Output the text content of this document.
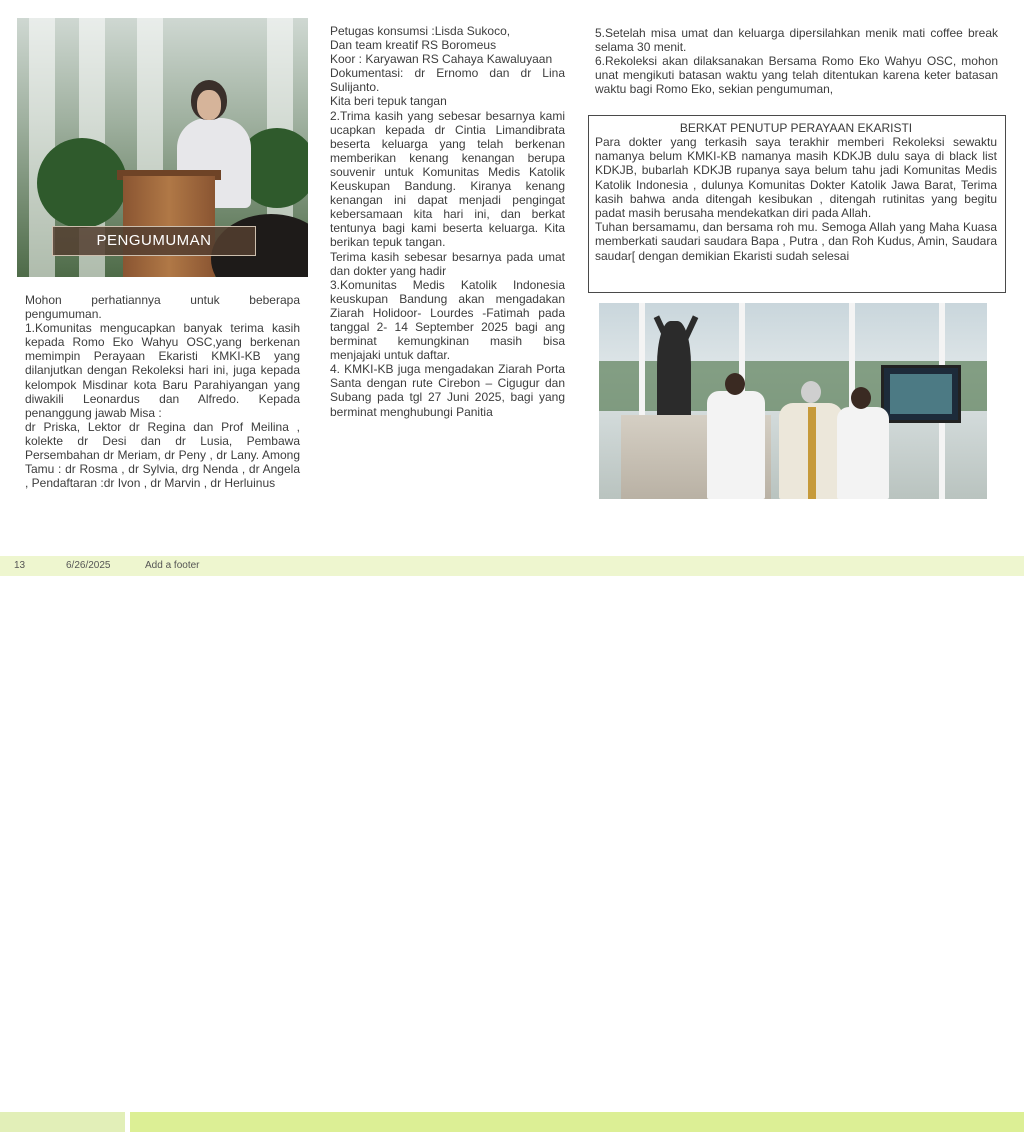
PENGUMUMAN

Mohon perhatiannya untuk beberapa pengumuman.

1.Komunitas mengucapkan banyak terima kasih kepada Romo Eko Wahyu OSC,yang berkenan memimpin Perayaan Ekaristi KMKI-KB yang dilanjutkan dengan Rekoleksi hari ini, juga kepada kelompok Misdinar kota Baru Parahiyangan yang diwakili Leonardus dan Alfredo. Kepada penanggung jawab Misa :

dr Priska, Lektor dr Regina dan Prof Meilina , kolekte dr Desi dan dr Lusia, Pembawa Persembahan dr Meriam, dr Peny , dr Lany. Among Tamu : dr Rosma , dr Sylvia, drg Nenda , dr Angela , Pendaftaran :dr Ivon , dr Marvin , dr Herluinus

Petugas konsumsi :Lisda Sukoco,

Dan team kreatif RS Boromeus

Koor : Karyawan RS Cahaya Kawaluyaan

Dokumentasi: dr Ernomo dan dr Lina Sulijanto.

Kita beri tepuk tangan

2.Trima kasih yang sebesar besarnya kami ucapkan kepada dr Cintia Limandibrata beserta keluarga yang telah berkenan memberikan kenang kenangan berupa souvenir untuk Komunitas Medis Katolik Keuskupan Bandung. Kiranya kenang kenangan ini dapat menjadi pengingat kebersamaan kita hari ini, dan berkat tentunya bagi kami beserta keluarga. Kita berikan tepuk tangan.

Terima kasih sebesar besarnya pada umat dan dokter yang hadir

3.Komunitas Medis Katolik Indonesia keuskupan Bandung akan mengadakan Ziarah Holidoor- Lourdes -Fatimah pada tanggal 2- 14 September 2025 bagi ang berminat kemungkinan masih bisa menjajaki untuk daftar.

4. KMKI-KB juga mengadakan Ziarah Porta Santa dengan rute Cirebon – Cigugur dan Subang pada tgl 27 Juni 2025, bagi yang berminat menghubungi Panitia

5.Setelah misa umat dan keluarga dipersilahkan menik mati coffee break selama 30 menit.

6.Rekoleksi akan dilaksanakan Bersama Romo Eko Wahyu OSC, mohon unat mengikuti batasan waktu yang telah ditentukan karena keter batasan waktu bagi Romo Eko, sekian pengumuman,

BERKAT PENUTUP PERAYAAN EKARISTI

Para dokter yang terkasih saya terakhir memberi Rekoleksi sewaktu namanya belum KMKI-KB namanya masih KDKJB dulu saya di black list KDKJB, bubarlah KDKJB rupanya saya belum tahu jadi Komunitas Medis Katolik Indonesia , dulunya Komunitas Dokter Katolik Jawa Barat, Terima kasih bahwa anda ditengah kesibukan , ditengah rutinitas yang begitu padat masih berusaha mendekatkan diri pada Allah.

Tuhan bersamamu, dan bersama roh mu. Semoga Allah yang Maha Kuasa memberkati saudari saudara Bapa , Putra , dan Roh Kudus, Amin, Saudara saudar[ dengan demikian Ekaristi sudah selesai

13	6/26/2025	Add a footer
